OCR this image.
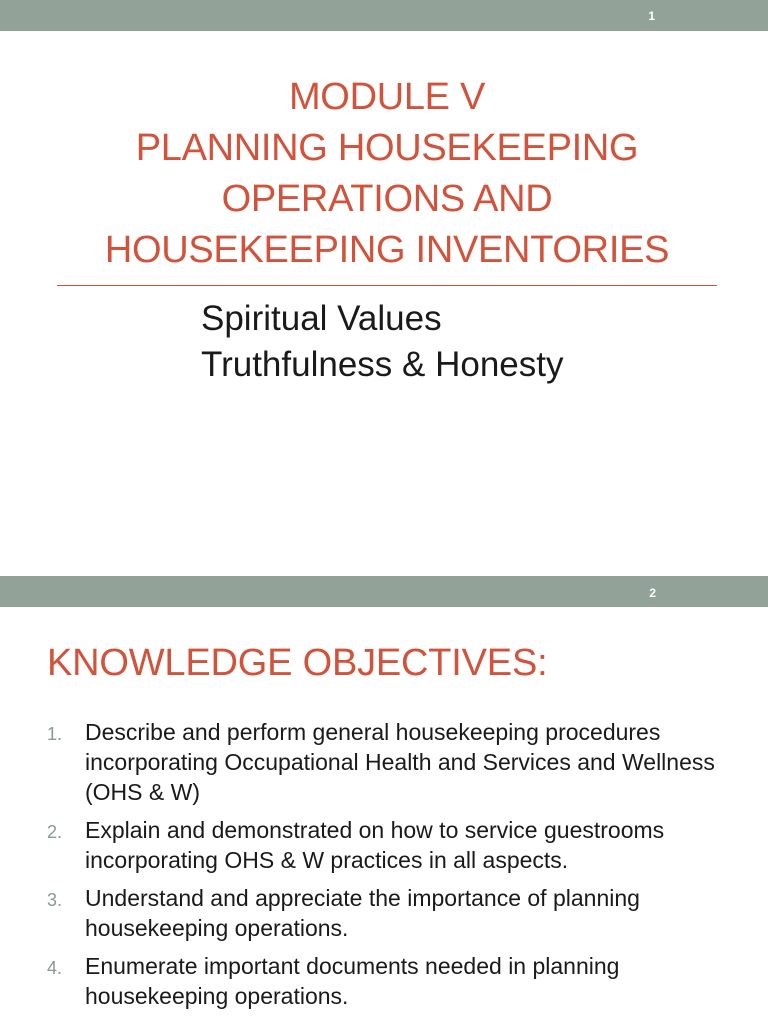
1
MODULE V
PLANNING HOUSEKEEPING
OPERATIONS AND
HOUSEKEEPING INVENTORIES
Spiritual Values
Truthfulness & Honesty
2
KNOWLEDGE OBJECTIVES:
1. Describe and perform general housekeeping procedures incorporating Occupational Health and Services and Wellness (OHS & W)
2. Explain and demonstrated on how to service guestrooms incorporating OHS & W practices in all aspects.
3. Understand and appreciate the importance of planning housekeeping operations.
4. Enumerate important documents needed in planning housekeeping operations.
